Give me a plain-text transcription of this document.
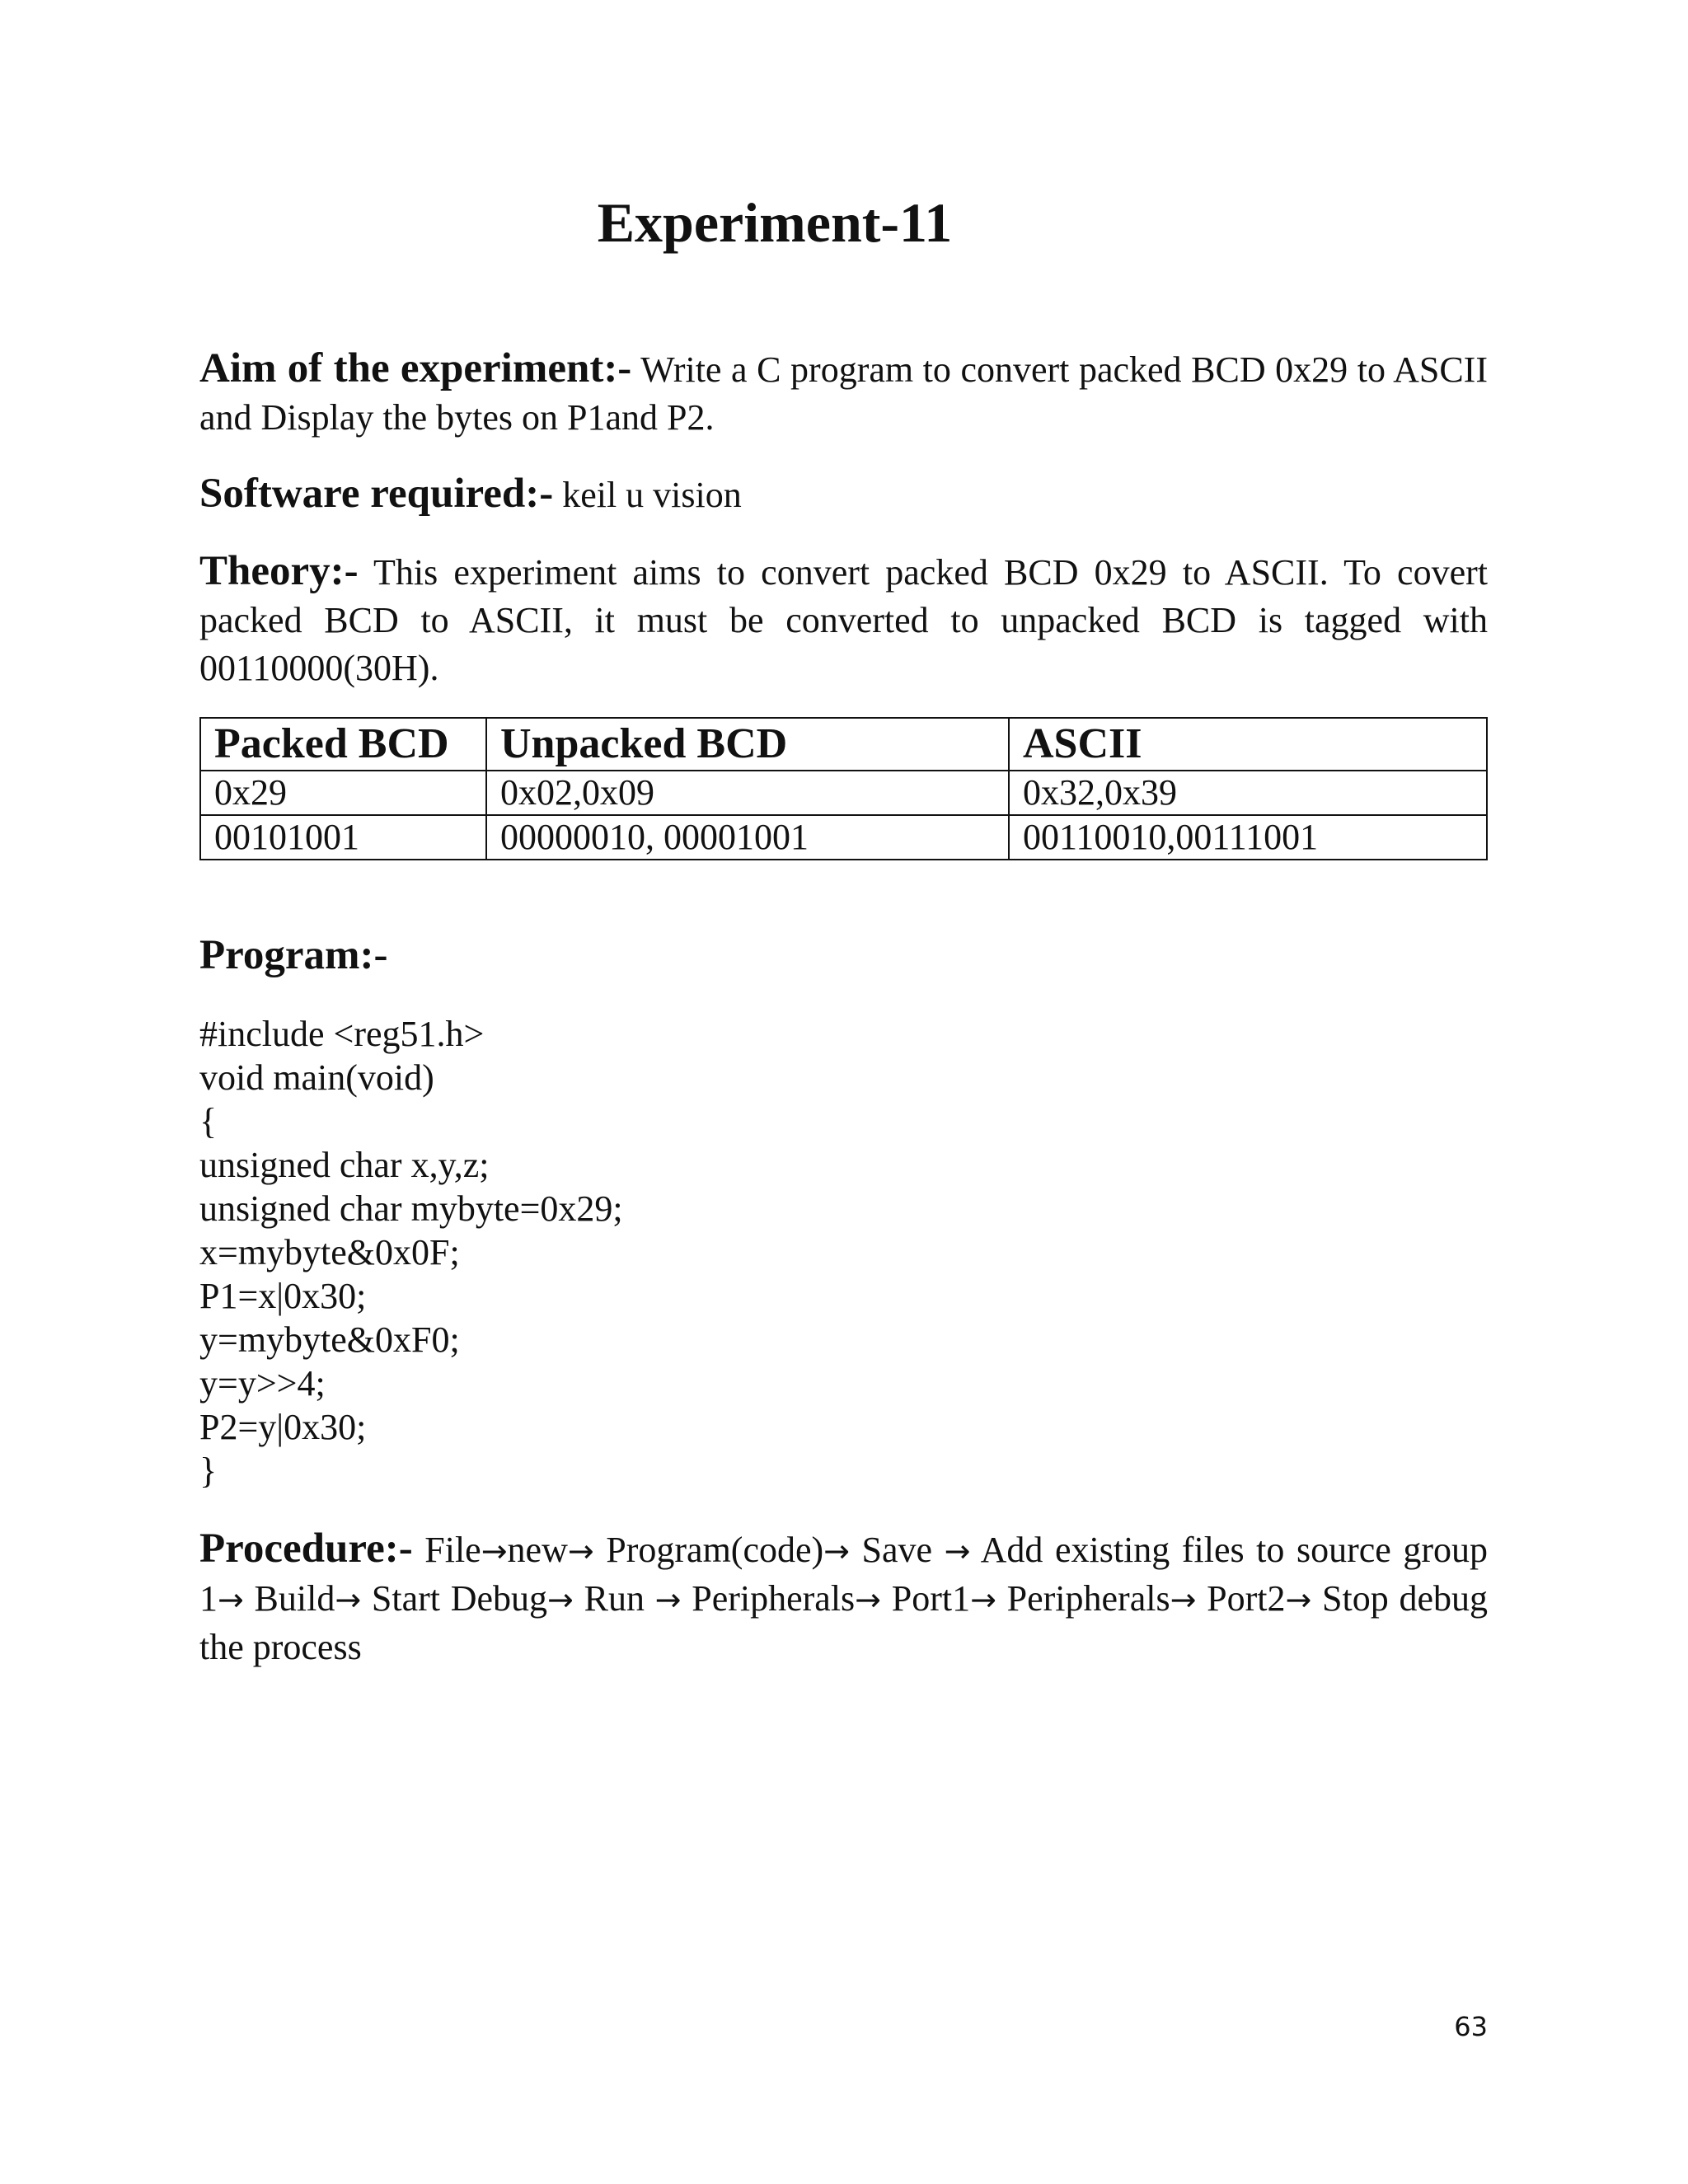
Experiment-11

Aim of the experiment:- Write a C program to convert packed BCD 0x29 to ASCII and Display the bytes on P1and P2.

Software required:- keil u vision

Theory:- This experiment aims to convert packed BCD 0x29 to ASCII. To covert packed BCD to ASCII, it must be converted to unpacked BCD is tagged with 00110000(30H).

Packed BCD	Unpacked BCD	ASCII
0x29	0x02,0x09	0x32,0x39
00101001	00000010, 00001001	00110010,00111001

Program:-

#include <reg51.h>
void main(void)
{
unsigned char x,y,z;
unsigned char mybyte=0x29;
x=mybyte&0x0F;
P1=x|0x30;
y=mybyte&0xF0;
y=y>>4;
P2=y|0x30;
}

Procedure:- File→new→ Program(code)→ Save → Add existing files to source group 1→ Build→ Start Debug→ Run → Peripherals→ Port1→ Peripherals→ Port2→ Stop debug the process

63
